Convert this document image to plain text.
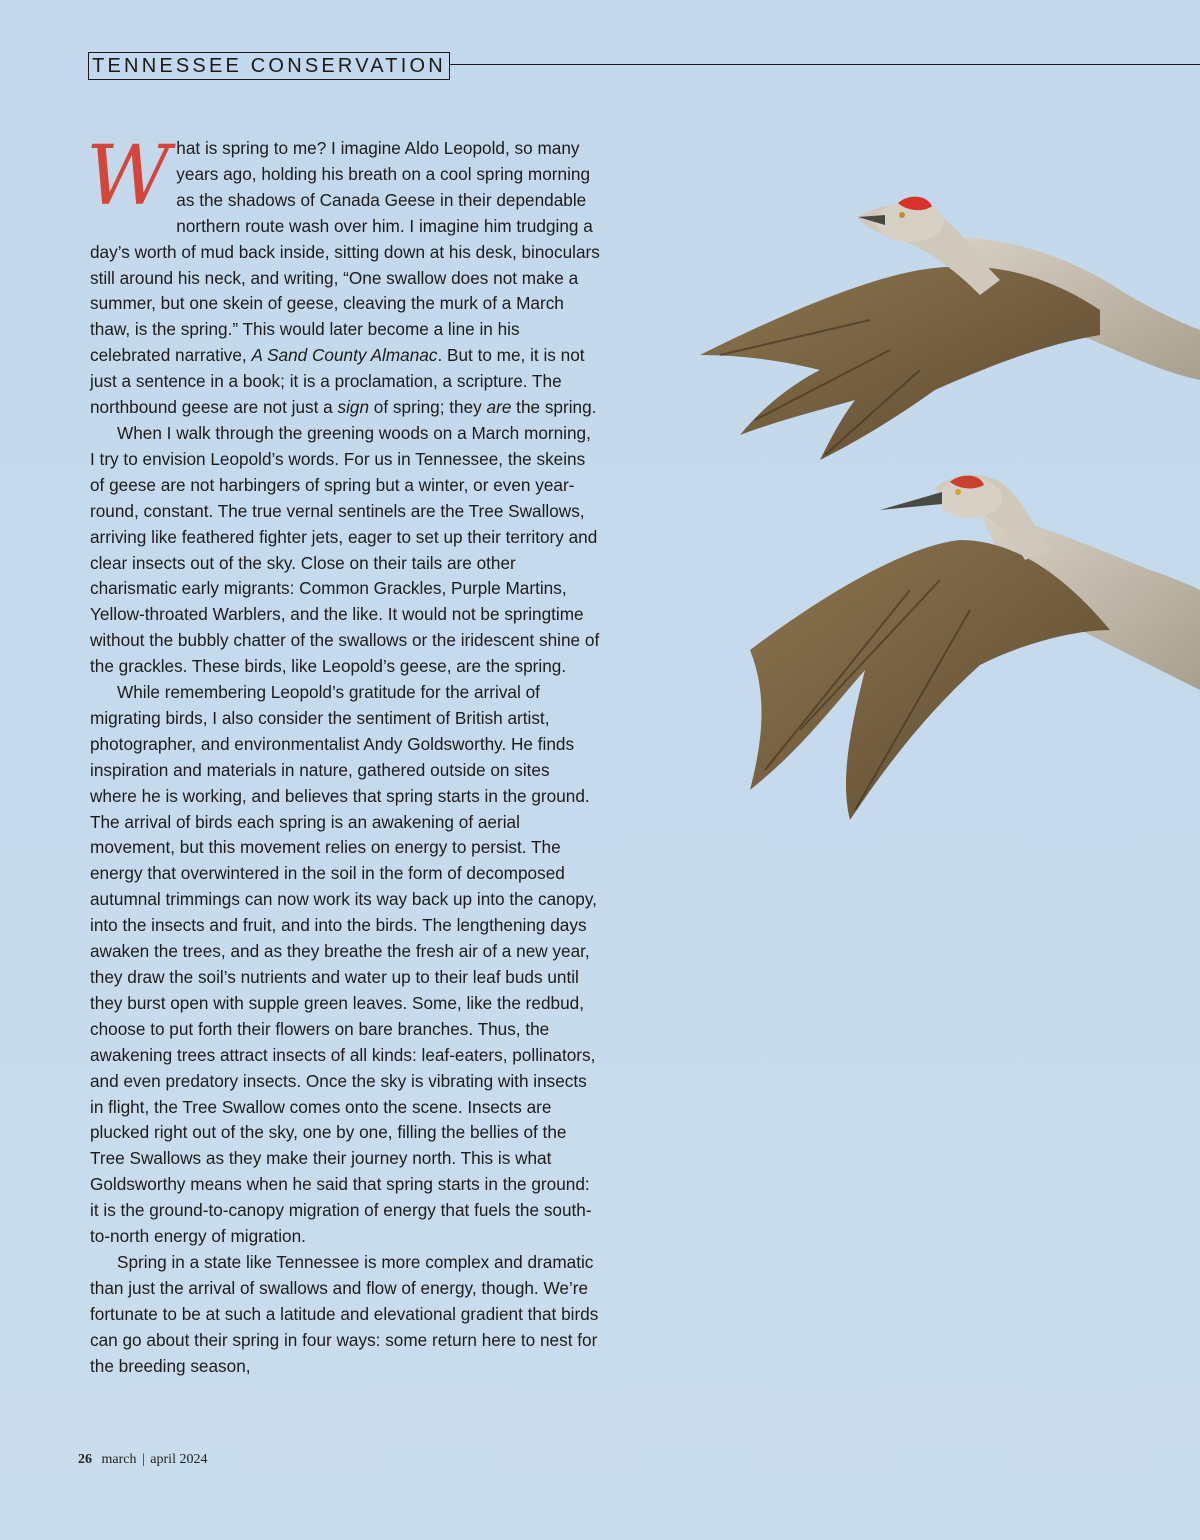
TENNESSEE CONSERVATION

What is spring to me? I imagine Aldo Leopold, so many years ago, holding his breath on a cool spring morning as the shadows of Canada Geese in their dependable northern route wash over him. I imagine him trudging a day’s worth of mud back inside, sitting down at his desk, binoculars still around his neck, and writing, “One swallow does not make a summer, but one skein of geese, cleaving the murk of a March thaw, is the spring.” This would later become a line in his celebrated narrative, A Sand County Almanac. But to me, it is not just a sentence in a book; it is a proclamation, a scripture. The northbound geese are not just a sign of spring; they are the spring.

When I walk through the greening woods on a March morning, I try to envision Leopold’s words. For us in Tennessee, the skeins of geese are not harbingers of spring but a winter, or even year-round, constant. The true vernal sentinels are the Tree Swallows, arriving like feathered fighter jets, eager to set up their territory and clear insects out of the sky. Close on their tails are other charismatic early migrants: Common Grackles, Purple Martins, Yellow-throated Warblers, and the like. It would not be springtime without the bubbly chatter of the swallows or the iridescent shine of the grackles. These birds, like Leopold’s geese, are the spring.

While remembering Leopold’s gratitude for the arrival of migrating birds, I also consider the sentiment of British artist, photographer, and environmentalist Andy Goldsworthy. He finds inspiration and materials in nature, gathered outside on sites where he is working, and believes that spring starts in the ground. The arrival of birds each spring is an awakening of aerial movement, but this movement relies on energy to persist. The energy that overwintered in the soil in the form of decomposed autumnal trimmings can now work its way back up into the canopy, into the insects and fruit, and into the birds. The lengthening days awaken the trees, and as they breathe the fresh air of a new year, they draw the soil’s nutrients and water up to their leaf buds until they burst open with supple green leaves. Some, like the redbud, choose to put forth their flowers on bare branches. Thus, the awakening trees attract insects of all kinds: leaf-eaters, pollinators, and even predatory insects. Once the sky is vibrating with insects in flight, the Tree Swallow comes onto the scene. Insects are plucked right out of the sky, one by one, filling the bellies of the Tree Swallows as they make their journey north. This is what Goldsworthy means when he said that spring starts in the ground: it is the ground-to-canopy migration of energy that fuels the south-to-north energy of migration.

Spring in a state like Tennessee is more complex and dramatic than just the arrival of swallows and flow of energy, though. We’re fortunate to be at such a latitude and elevational gradient that birds can go about their spring in four ways: some return here to nest for the breeding season,

26 march | april 2024
